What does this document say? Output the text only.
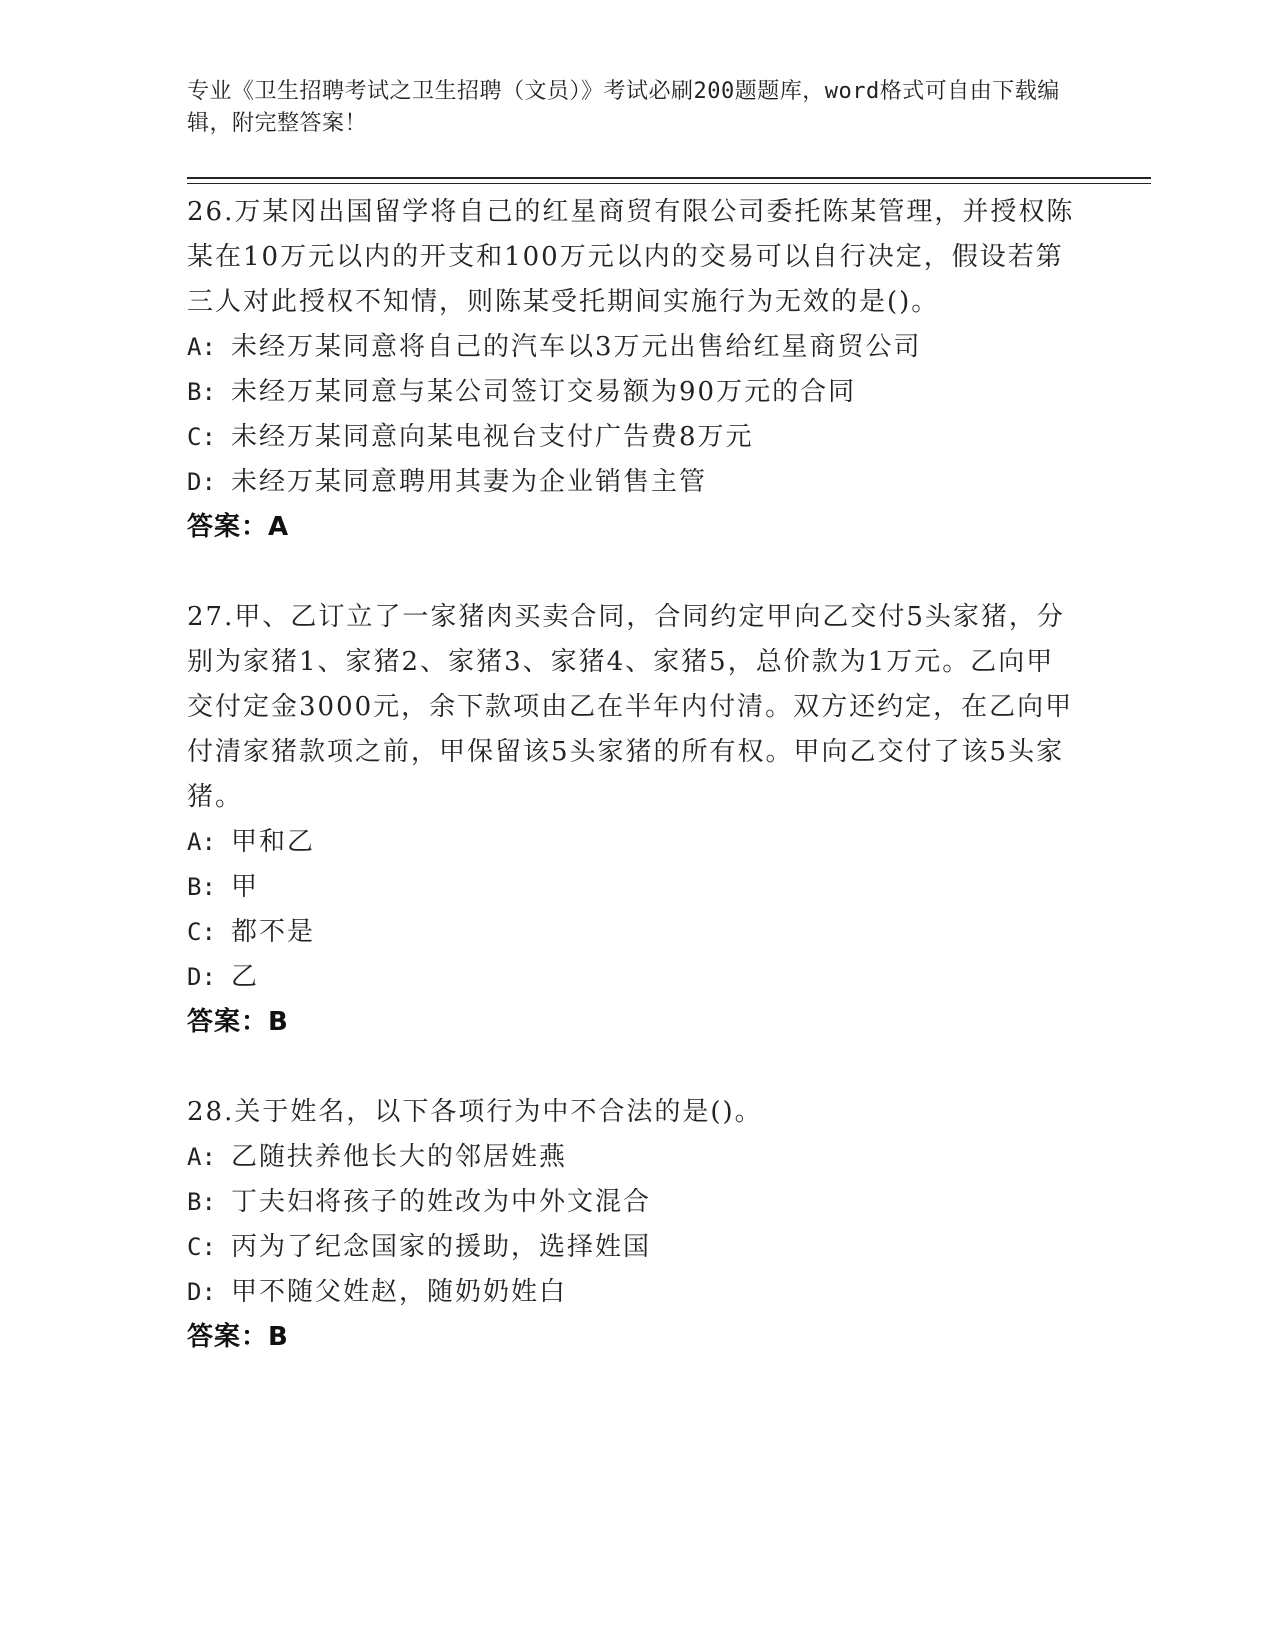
专业《卫生招聘考试之卫生招聘（文员）》考试必刷200题题库，word格式可自由下载编辑，附完整答案！

26.万某冈出国留学将自己的红星商贸有限公司委托陈某管理，并授权陈某在10万元以内的开支和100万元以内的交易可以自行决定，假设若第三人对此授权不知情，则陈某受托期间实施行为无效的是()。

A: 未经万某同意将自己的汽车以3万元出售给红星商贸公司
B: 未经万某同意与某公司签订交易额为90万元的合同
C: 未经万某同意向某电视台支付广告费8万元
D: 未经万某同意聘用其妻为企业销售主管

答案：A

27.甲、乙订立了一家猪肉买卖合同，合同约定甲向乙交付5头家猪，分别为家猪1、家猪2、家猪3、家猪4、家猪5，总价款为1万元。乙向甲交付定金3000元，余下款项由乙在半年内付清。双方还约定，在乙向甲付清家猪款项之前，甲保留该5头家猪的所有权。甲向乙交付了该5头家猪。

A: 甲和乙
B: 甲
C: 都不是
D: 乙

答案：B

28.关于姓名，以下各项行为中不合法的是()。

A: 乙随扶养他长大的邻居姓燕
B: 丁夫妇将孩子的姓改为中外文混合
C: 丙为了纪念国家的援助，选择姓国
D: 甲不随父姓赵，随奶奶姓白

答案：B
